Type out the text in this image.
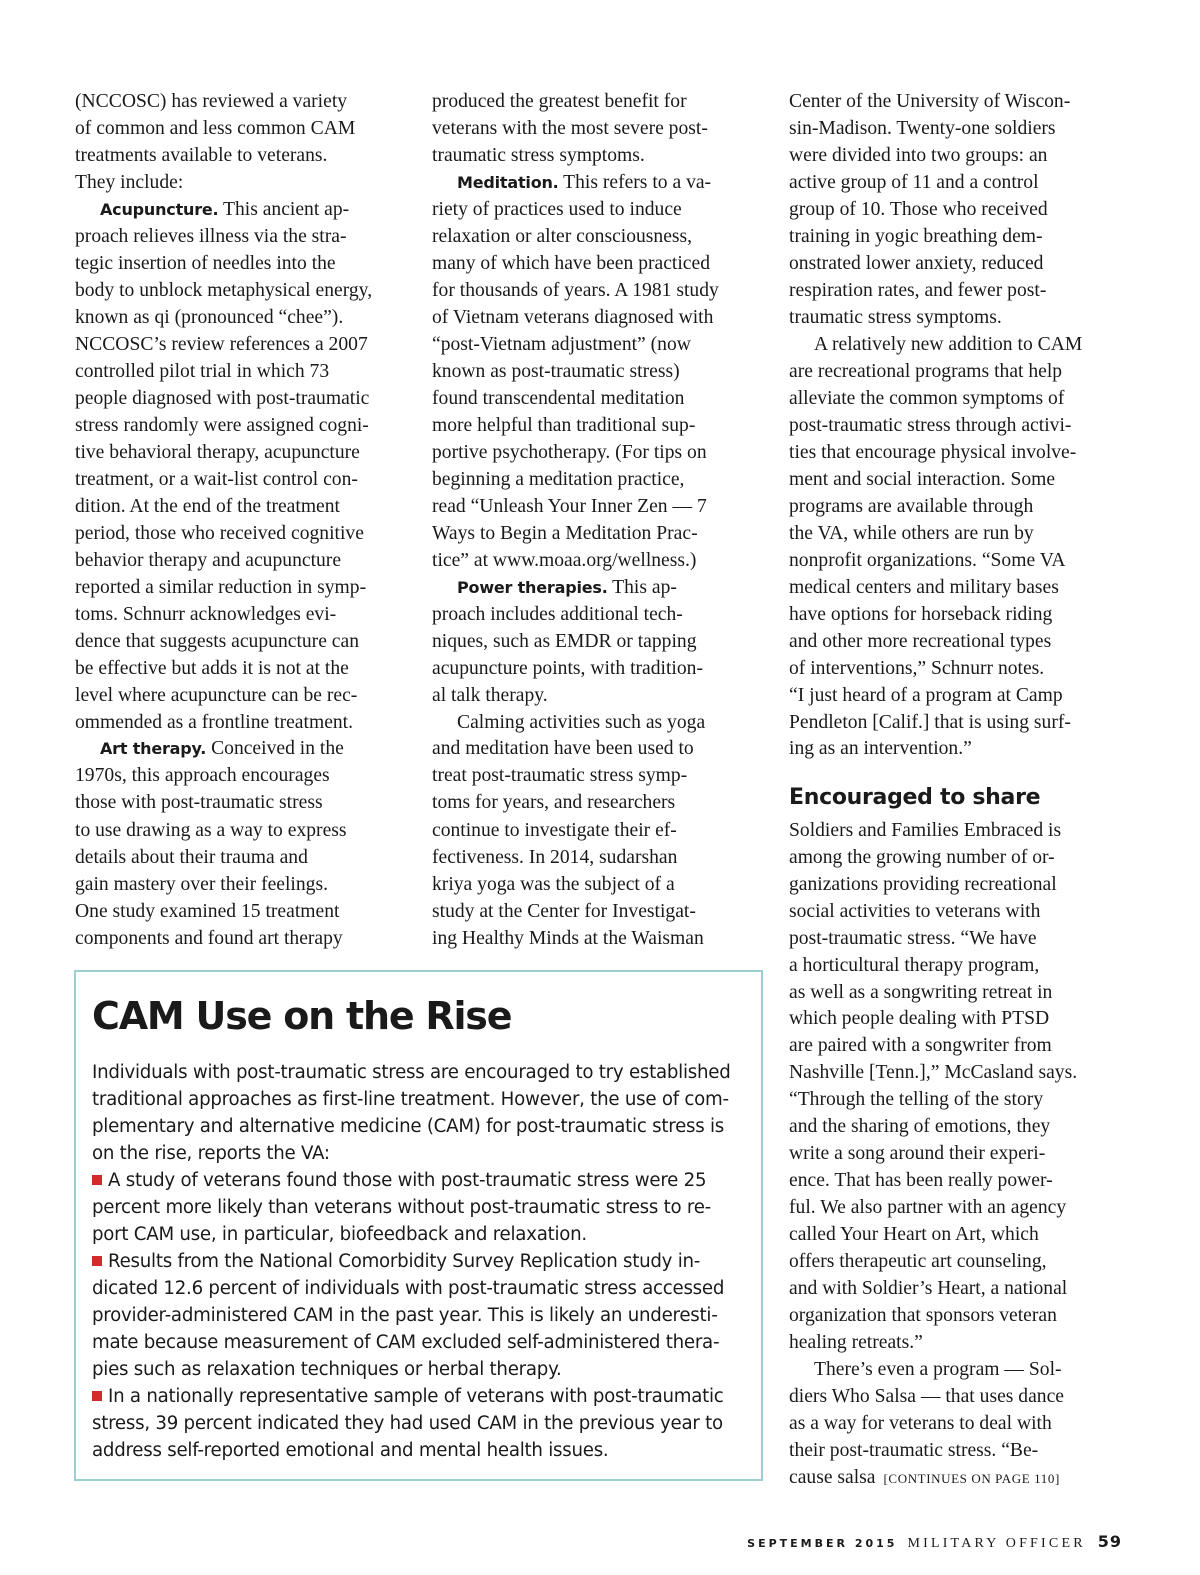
(NCCOSC) has reviewed a variety
of common and less common CAM
treatments available to veterans.
They include:
Acupuncture. This ancient ap-
proach relieves illness via the stra-
tegic insertion of needles into the
body to unblock metaphysical energy,
known as qi (pronounced “chee”).
NCCOSC’s review references a 2007
controlled pilot trial in which 73
people diagnosed with post-traumatic
stress randomly were assigned cogni-
tive behavioral therapy, acupuncture
treatment, or a wait-list control con-
dition. At the end of the treatment
period, those who received cognitive
behavior therapy and acupuncture
reported a similar reduction in symp-
toms. Schnurr acknowledges evi-
dence that suggests acupuncture can
be effective but adds it is not at the
level where acupuncture can be rec-
ommended as a frontline treatment.
Art therapy. Conceived in the
1970s, this approach encourages
those with post-traumatic stress
to use drawing as a way to express
details about their trauma and
gain mastery over their feelings.
One study examined 15 treatment
components and found art therapy
produced the greatest benefit for
veterans with the most severe post-
traumatic stress symptoms.
Meditation. This refers to a va-
riety of practices used to induce
relaxation or alter consciousness,
many of which have been practiced
for thousands of years. A 1981 study
of Vietnam veterans diagnosed with
“post-Vietnam adjustment” (now
known as post-traumatic stress)
found transcendental meditation
more helpful than traditional sup-
portive psychotherapy. (For tips on
beginning a meditation practice,
read “Unleash Your Inner Zen — 7
Ways to Begin a Meditation Prac-
tice” at www.moaa.org/wellness.)
Power therapies. This ap-
proach includes additional tech-
niques, such as EMDR or tapping
acupuncture points, with tradition-
al talk therapy.
Calming activities such as yoga
and meditation have been used to
treat post-traumatic stress symp-
toms for years, and researchers
continue to investigate their ef-
fectiveness. In 2014, sudarshan
kriya yoga was the subject of a
study at the Center for Investigat-
ing Healthy Minds at the Waisman
Center of the University of Wiscon-
sin-Madison. Twenty-one soldiers
were divided into two groups: an
active group of 11 and a control
group of 10. Those who received
training in yogic breathing dem-
onstrated lower anxiety, reduced
respiration rates, and fewer post-
traumatic stress symptoms.
A relatively new addition to CAM
are recreational programs that help
alleviate the common symptoms of
post-traumatic stress through activi-
ties that encourage physical involve-
ment and social interaction. Some
programs are available through
the VA, while others are run by
nonprofit organizations. “Some VA
medical centers and military bases
have options for horseback riding
and other more recreational types
of interventions,” Schnurr notes.
“I just heard of a program at Camp
Pendleton [Calif.] that is using surf-
ing as an intervention.”
Encouraged to share
Soldiers and Families Embraced is
among the growing number of or-
ganizations providing recreational
social activities to veterans with
post-traumatic stress. “We have
a horticultural therapy program,
as well as a songwriting retreat in
which people dealing with PTSD
are paired with a songwriter from
Nashville [Tenn.],” McCasland says.
“Through the telling of the story
and the sharing of emotions, they
write a song around their experi-
ence. That has been really power-
ful. We also partner with an agency
called Your Heart on Art, which
offers therapeutic art counseling,
and with Soldier’s Heart, a national
organization that sponsors veteran
healing retreats.”
There’s even a program — Sol-
diers Who Salsa — that uses dance
as a way for veterans to deal with
their post-traumatic stress. “Be-
cause salsa [CONTINUES ON PAGE 110]
CAM Use on the Rise
Individuals with post-traumatic stress are encouraged to try established
traditional approaches as first-line treatment. However, the use of com-
plementary and alternative medicine (CAM) for post-traumatic stress is
on the rise, reports the VA:
A study of veterans found those with post-traumatic stress were 25
percent more likely than veterans without post-traumatic stress to re-
port CAM use, in particular, biofeedback and relaxation.
Results from the National Comorbidity Survey Replication study in-
dicated 12.6 percent of individuals with post-traumatic stress accessed
provider-administered CAM in the past year. This is likely an underesti-
mate because measurement of CAM excluded self-administered thera-
pies such as relaxation techniques or herbal therapy.
In a nationally representative sample of veterans with post-traumatic
stress, 39 percent indicated they had used CAM in the previous year to
address self-reported emotional and mental health issues.
SEPTEMBER 2015 MILITARY OFFICER 59
